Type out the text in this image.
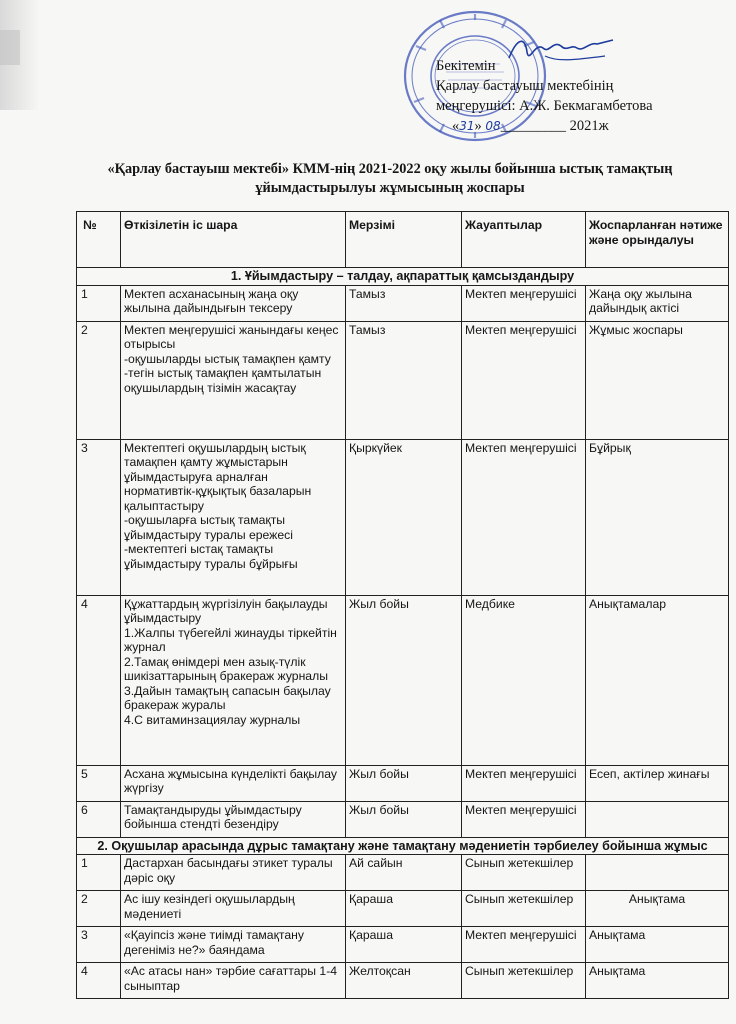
Бекітемін
Қарлау бастауыш мектебінің
меңгерушісі: А.Ж. Бекмагамбетова
«31» 08_________ 2021ж
«Қарлау бастауыш мектебі» КММ-нің 2021-2022 оқу жылы бойынша ыстық тамақтың
ұйымдастырылуы жұмысының жоспары
№	Өткізілетін іс шара	Мерзімі	Жауаптылар	Жоспарланған нәтиже және орындалуы
1. Ұйымдастыру – талдау, ақпараттық қамсыздандыру				
1	Мектеп асханасының жаңа оқу жылына дайындығын тексеру	Тамыз	Мектеп меңгерушісі	Жаңа оқу жылына дайындық актісі
2	Мектеп меңгерушісі жанындағы кеңес отырысы
-оқушыларды ыстық тамақпен қамту
-тегін ыстық тамақпен қамтылатын оқушылардың тізімін жасақтау	Тамыз	Мектеп меңгерушісі	Жұмыс жоспары
3	Мектептегі оқушылардың ыстық тамақпен қамту жұмыстарын ұйымдастыруға арналған нормативтік-құқықтық базаларын қалыптастыру
-оқушыларға ыстық тамақты ұйымдастыру туралы ережесі
-мектептегі ыстақ тамақты ұйымдастыру туралы бұйрығы	Қыркүйек	Мектеп меңгерушісі	Бұйрық
4	Құжаттардың жүргізілуін бақылауды ұйымдастыру
1.Жалпы түбегейлі жинауды тіркейтін журнал
2.Тамақ өнімдері мен азық-түлік шикізаттарының бракераж журналы
3.Дайын тамақтың сапасын бақылау бракераж журалы
4.С витаминзациялау журналы	Жыл бойы	Медбике	Анықтамалар
5	Асхана жұмысына күнделікті бақылау жүргізу	Жыл бойы	Мектеп меңгерушісі	Есеп, актілер жинағы
6	Тамақтандыруды ұйымдастыру бойынша стендті безендіру	Жыл бойы	Мектеп меңгерушісі	
2. Оқушылар арасында дұрыс тамақтану және тамақтану мәдениетін тәрбиелеу бойынша жұмыс				
1	Дастархан басындағы этикет туралы дәріс оқу	Ай сайын	Сынып жетекшілер	
2	Ас ішу кезіндегі оқушылардың мәдениеті	Қараша	Сынып жетекшілер	Анықтама
3	«Қауіпсіз және тиімді тамақтану дегеніміз не?» баяндама	Қараша	Мектеп меңгерушісі	Анықтама
4	«Ас атасы нан» тәрбие сағаттары 1-4 сыныптар	Желтоқсан	Сынып жетекшілер	Анықтама
